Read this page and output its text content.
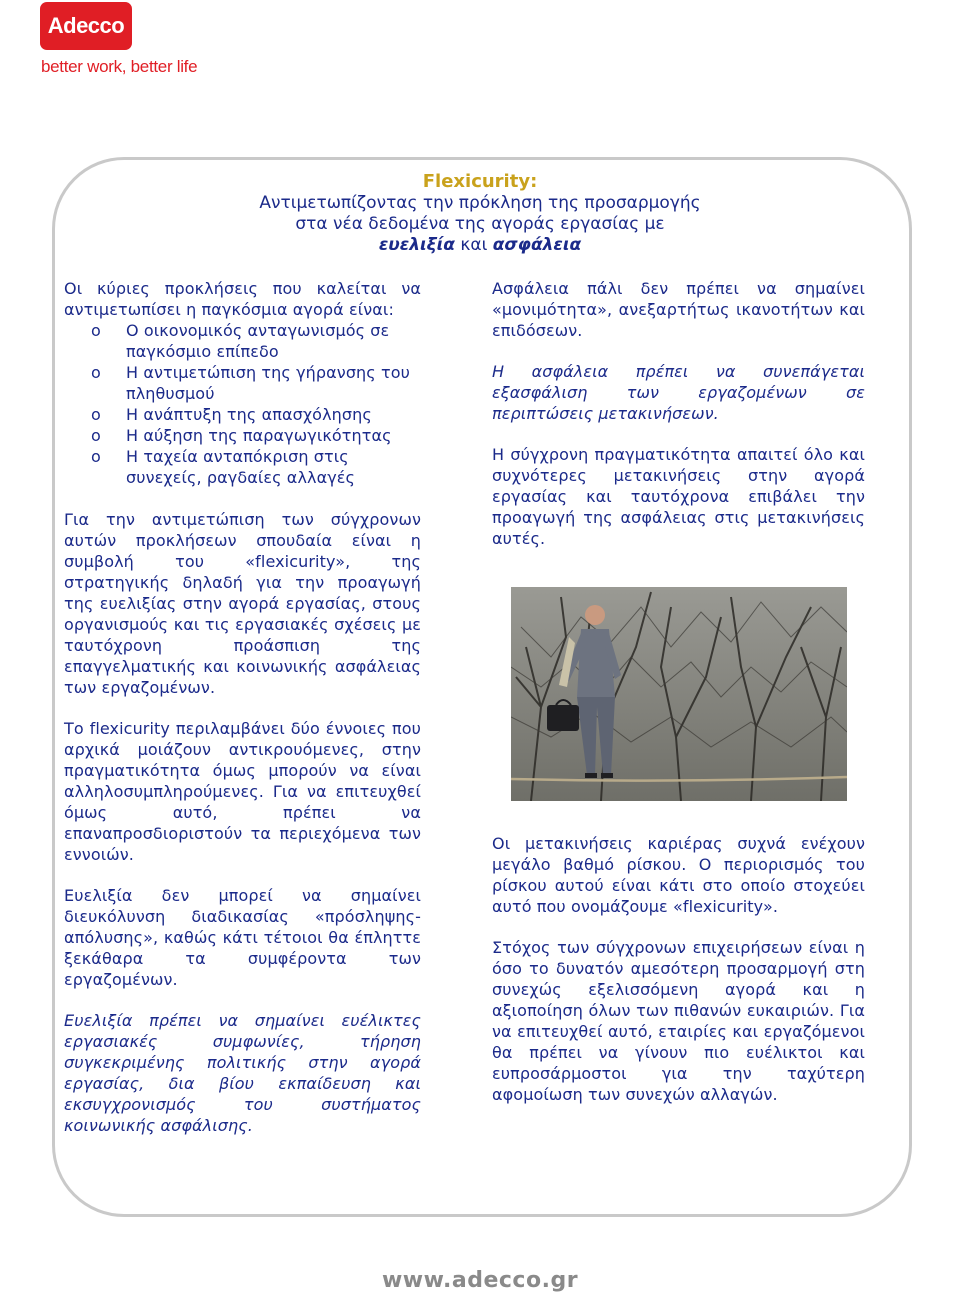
Adecco
better work, better life
Flexicurity:
Αντιμετωπίζοντας την πρόκληση της προσαρμογής
στα νέα δεδομένα της αγοράς εργασίας με
ευελιξία και ασφάλεια
Οι κύριες προκλήσεις που καλείται να αντιμετωπίσει η παγκόσμια αγορά είναι:
o Ο οικονομικός ανταγωνισμός σε παγκόσμιο επίπεδο
o Η αντιμετώπιση της γήρανσης του πληθυσμού
o Η ανάπτυξη της απασχόλησης
o Η αύξηση της παραγωγικότητας
o Η ταχεία ανταπόκριση στις συνεχείς, ραγδαίες αλλαγές

Για την αντιμετώπιση των σύγχρονων αυτών προκλήσεων σπουδαία είναι η συμβολή του «flexicurity», της στρατηγικής δηλαδή για την προαγωγή της ευελιξίας στην αγορά εργασίας, στους οργανισμούς και τις εργασιακές σχέσεις με ταυτόχρονη προάσπιση της επαγγελματικής και κοινωνικής ασφάλειας των εργαζομένων.

Το flexicurity περιλαμβάνει δύο έννοιες που αρχικά μοιάζουν αντικρουόμενες, στην πραγματικότητα όμως μπορούν να είναι αλληλοσυμπληρούμενες. Για να επιτευχθεί όμως αυτό, πρέπει να επαναπροσδιοριστούν τα περιεχόμενα των εννοιών.

Ευελιξία δεν μπορεί να σημαίνει διευκόλυνση διαδικασίας «πρόσληψης-απόλυσης», καθώς κάτι τέτοιοι θα έπληττε ξεκάθαρα τα συμφέροντα των εργαζομένων.

Ευελιξία πρέπει να σημαίνει ευέλικτες εργασιακές συμφωνίες, τήρηση συγκεκριμένης πολιτικής στην αγορά εργασίας, δια βίου εκπαίδευση και εκσυγχρονισμός του συστήματος κοινωνικής ασφάλισης.

Ασφάλεια πάλι δεν πρέπει να σημαίνει «μονιμότητα», ανεξαρτήτως ικανοτήτων και επιδόσεων.

Η ασφάλεια πρέπει να συνεπάγεται εξασφάλιση των εργαζομένων σε περιπτώσεις μετακινήσεων.

Η σύγχρονη πραγματικότητα απαιτεί όλο και συχνότερες μετακινήσεις στην αγορά εργασίας και ταυτόχρονα επιβάλει την προαγωγή της ασφάλειας στις μετακινήσεις αυτές.

Οι μετακινήσεις καριέρας συχνά ενέχουν μεγάλο βαθμό ρίσκου. Ο περιορισμός του ρίσκου αυτού είναι κάτι στο οποίο στοχεύει αυτό που ονομάζουμε «flexicurity».

Στόχος των σύγχρονων επιχειρήσεων είναι η όσο το δυνατόν αμεσότερη προσαρμογή στη συνεχώς εξελισσόμενη αγορά και η αξιοποίηση όλων των πιθανών ευκαιριών. Για να επιτευχθεί αυτό, εταιρίες και εργαζόμενοι θα πρέπει να γίνουν πιο ευέλικτοι και ευπροσάρμοστοι για την ταχύτερη αφομοίωση των συνεχών αλλαγών.

www.adecco.gr
